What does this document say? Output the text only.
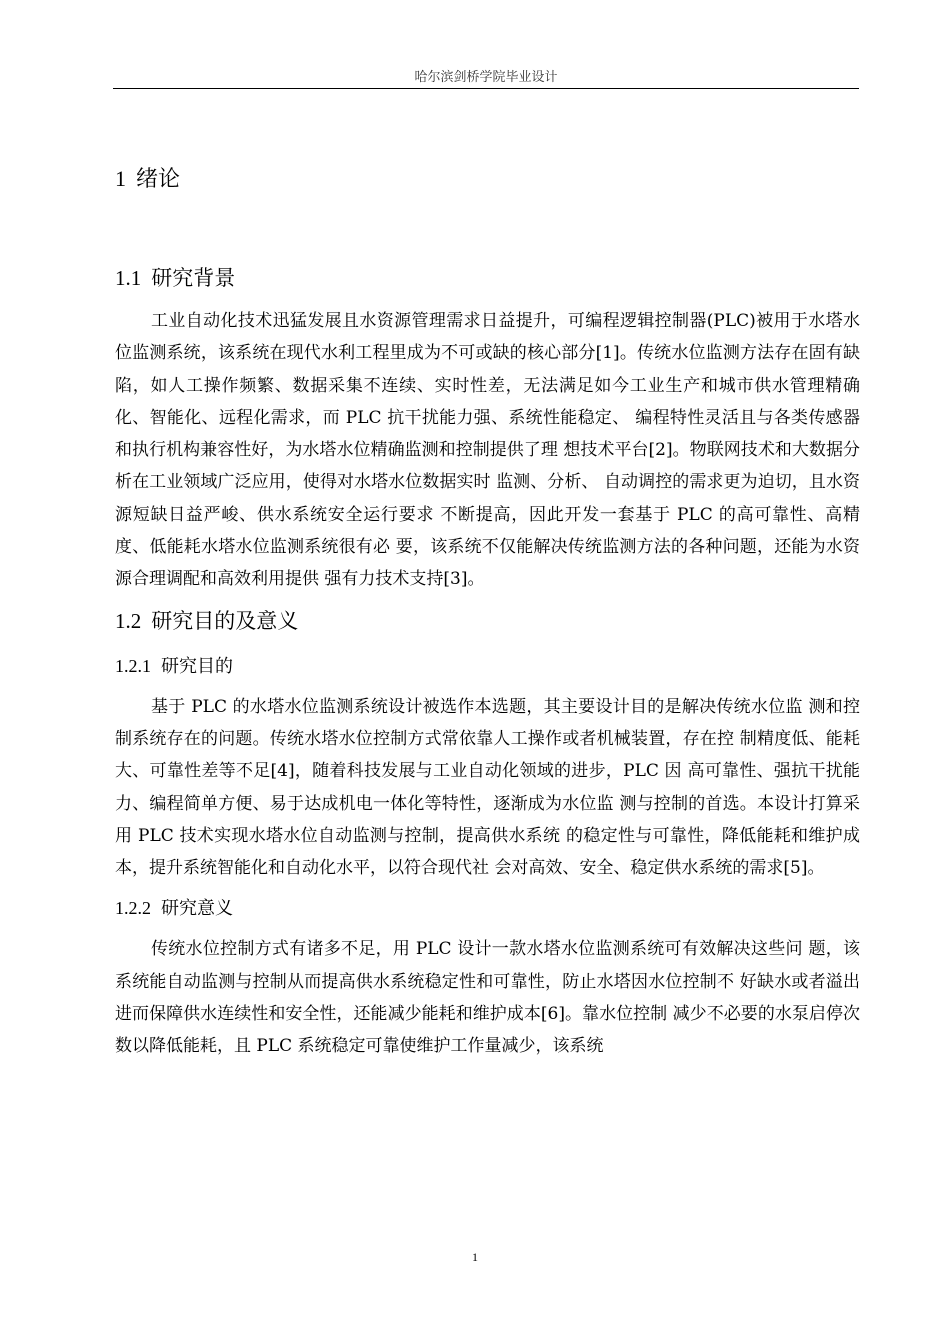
哈尔滨剑桥学院毕业设计
1 绪论
1.1 研究背景

工业自动化技术迅猛发展且水资源管理需求日益提升，可编程逻辑控制器(PLC)被用于水塔水位监测系统，该系统在现代水利工程里成为不可或缺的核心部分[1]。传统水位监测方法存在固有缺陷，如人工操作频繁、数据采集不连续、实时性差，无法满足如今工业生产和城市供水管理精确化、智能化、远程化需求，而 PLC 抗干扰能力强、系统性能稳定、 编程特性灵活且与各类传感器和执行机构兼容性好，为水塔水位精确监测和控制提供了理 想技术平台[2]。物联网技术和大数据分析在工业领域广泛应用，使得对水塔水位数据实时 监测、分析、 自动调控的需求更为迫切，且水资源短缺日益严峻、供水系统安全运行要求 不断提高，因此开发一套基于 PLC 的高可靠性、高精度、低能耗水塔水位监测系统很有必 要，该系统不仅能解决传统监测方法的各种问题，还能为水资源合理调配和高效利用提供 强有力技术支持[3]。

1.2 研究目的及意义
1.2.1 研究目的

基于 PLC 的水塔水位监测系统设计被选作本选题，其主要设计目的是解决传统水位监 测和控制系统存在的问题。传统水塔水位控制方式常依靠人工操作或者机械装置，存在控 制精度低、能耗大、可靠性差等不足[4]，随着科技发展与工业自动化领域的进步，PLC 因 高可靠性、强抗干扰能力、编程简单方便、易于达成机电一体化等特性，逐渐成为水位监 测与控制的首选。本设计打算采用 PLC 技术实现水塔水位自动监测与控制，提高供水系统 的稳定性与可靠性，降低能耗和维护成本，提升系统智能化和自动化水平，以符合现代社 会对高效、安全、稳定供水系统的需求[5]。

1.2.2 研究意义

传统水位控制方式有诸多不足，用 PLC 设计一款水塔水位监测系统可有效解决这些问 题，该系统能自动监测与控制从而提高供水系统稳定性和可靠性，防止水塔因水位控制不 好缺水或者溢出进而保障供水连续性和安全性，还能减少能耗和维护成本[6]。靠水位控制 减少不必要的水泵启停次数以降低能耗，且 PLC 系统稳定可靠使维护工作量减少，该系统

1
